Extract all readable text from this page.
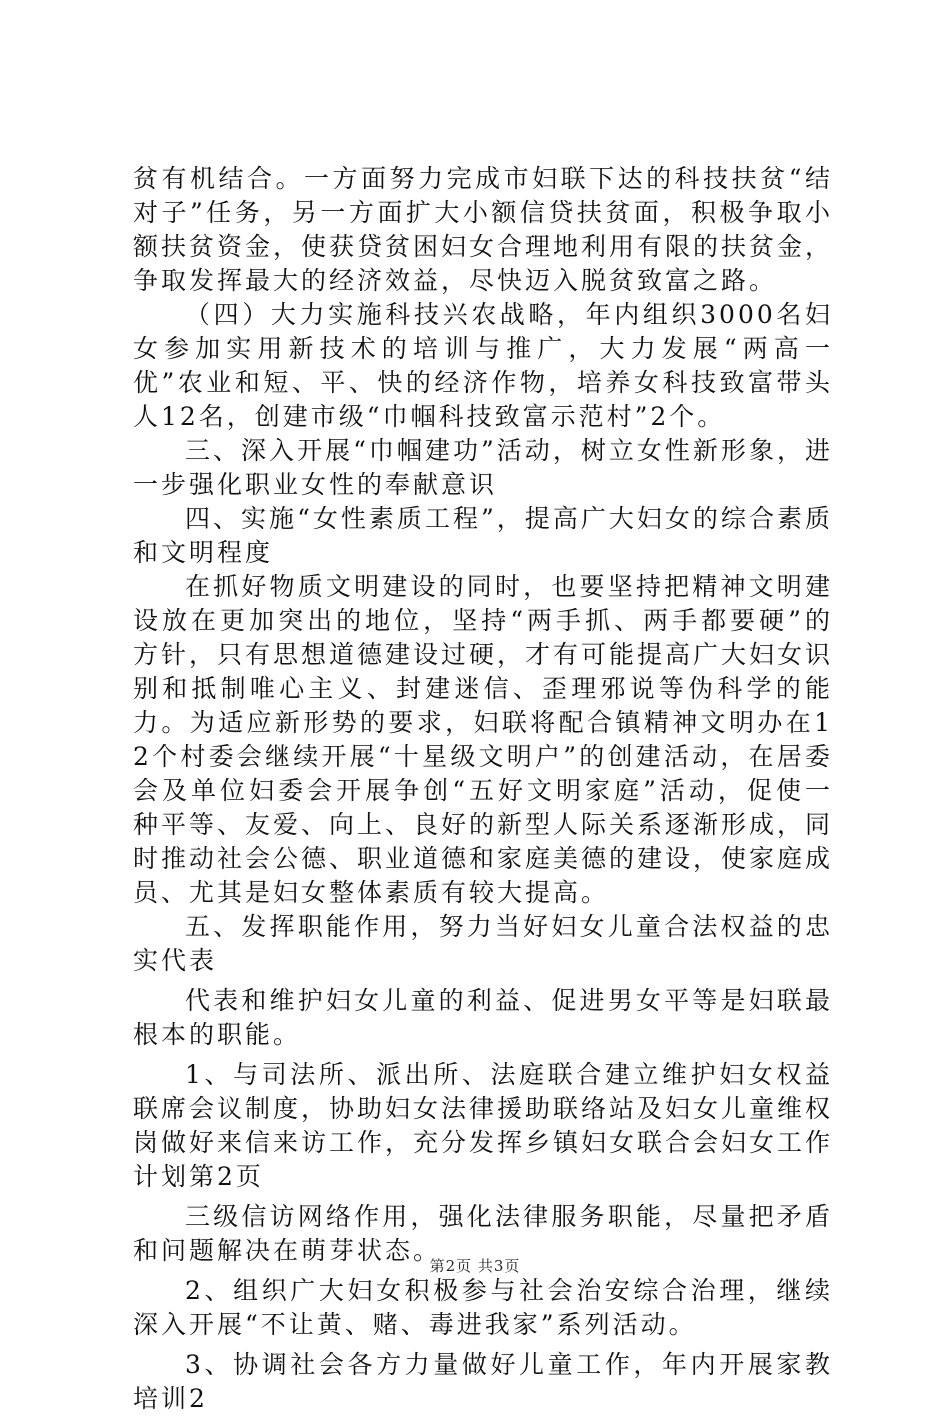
贫有机结合。一方面努力完成市妇联下达的科技扶贫“结对子”任务，另一方面扩大小额信贷扶贫面，积极争取小额扶贫资金，使获贷贫困妇女合理地利用有限的扶贫金，争取发挥最大的经济效益，尽快迈入脱贫致富之路。

（四）大力实施科技兴农战略，年内组织3000名妇女参加实用新技术的培训与推广，大力发展“两高一优”农业和短、平、快的经济作物，培养女科技致富带头人12名，创建市级“巾帼科技致富示范村”2个。

三、深入开展“巾帼建功”活动，树立女性新形象，进一步强化职业女性的奉献意识

四、实施“女性素质工程”，提高广大妇女的综合素质和文明程度

在抓好物质文明建设的同时，也要坚持把精神文明建设放在更加突出的地位，坚持“两手抓、两手都要硬”的方针，只有思想道德建设过硬，才有可能提高广大妇女识别和抵制唯心主义、封建迷信、歪理邪说等伪科学的能力。为适应新形势的要求，妇联将配合镇精神文明办在12个村委会继续开展“十星级文明户”的创建活动，在居委会及单位妇委会开展争创“五好文明家庭”活动，促使一种平等、友爱、向上、良好的新型人际关系逐渐形成，同时推动社会公德、职业道德和家庭美德的建设，使家庭成员、尤其是妇女整体素质有较大提高。

五、发挥职能作用，努力当好妇女儿童合法权益的忠实代表

代表和维护妇女儿童的利益、促进男女平等是妇联最根本的职能。

1、与司法所、派出所、法庭联合建立维护妇女权益联席会议制度，协助妇女法律援助联络站及妇女儿童维权岗做好来信来访工作，充分发挥乡镇妇女联合会妇女工作计划第2页

三级信访网络作用，强化法律服务职能，尽量把矛盾和问题解决在萌芽状态。

2、组织广大妇女积极参与社会治安综合治理，继续深入开展“不让黄、赌、毒进我家”系列活动。

3、协调社会各方力量做好儿童工作，年内开展家教培训2

第2页 共3页
